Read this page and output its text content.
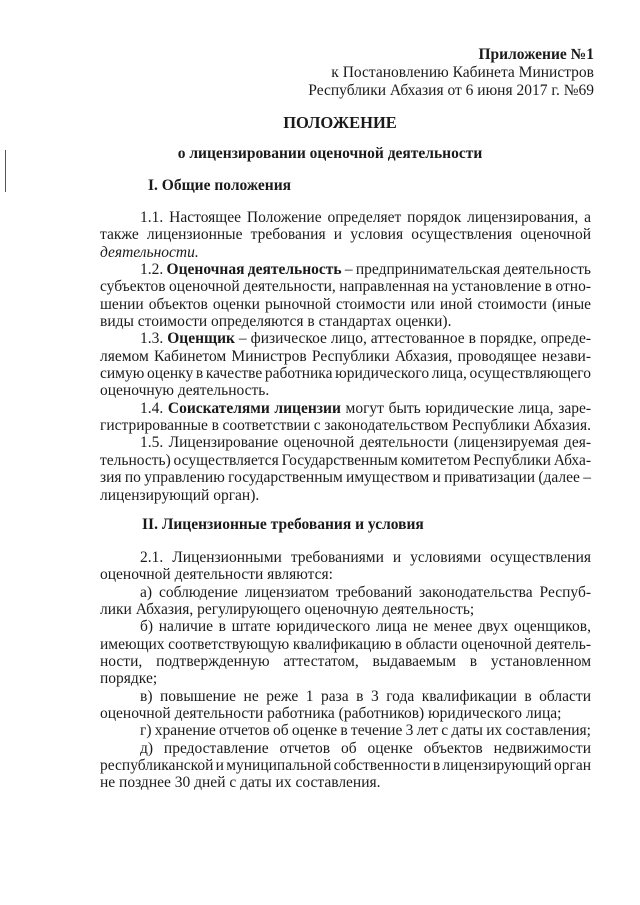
Приложение №1
к Постановлению Кабинета Министров
Республики Абхазия от 6 июня 2017 г. №69
ПОЛОЖЕНИЕ
о лицензировании оценочной деятельности
I. Общие положения
1.1. Настоящее Положение определяет порядок лицензирования, а
также лицензионные требования и условия осуществления оценочной
деятельности.
1.2. Оценочная деятельность – предпринимательская деятельность
субъектов оценочной деятельности, направленная на установление в отно-
шении объектов оценки рыночной стоимости или иной стоимости (иные
виды стоимости определяются в стандартах оценки).
1.3. Оценщик – физическое лицо, аттестованное в порядке, опреде-
ляемом Кабинетом Министров Республики Абхазия, проводящее незави-
симую оценку в качестве работника юридического лица, осуществляющего
оценочную деятельность.
1.4. Соискателями лицензии могут быть юридические лица, заре-
гистрированные в соответствии с законодательством Республики Абхазия.
1.5. Лицензирование оценочной деятельности (лицензируемая дея-
тельность) осуществляется Государственным комитетом Республики Абха-
зия по управлению государственным имуществом и приватизации (далее –
лицензирующий орган).
II. Лицензионные требования и условия
2.1. Лицензионными требованиями и условиями осуществления
оценочной деятельности являются:
а) соблюдение лицензиатом требований законодательства Респуб-
лики Абхазия, регулирующего оценочную деятельность;
б) наличие в штате юридического лица не менее двух оценщиков,
имеющих соответствующую квалификацию в области оценочной деятель-
ности, подтвержденную аттестатом, выдаваемым в установленном
порядке;
в) повышение не реже 1 раза в 3 года квалификации в области
оценочной деятельности работника (работников) юридического лица;
г) хранение отчетов об оценке в течение 3 лет с даты их составления;
д) предоставление отчетов об оценке объектов недвижимости
республиканской и муниципальной собственности в лицензирующий орган
не позднее 30 дней с даты их составления.
